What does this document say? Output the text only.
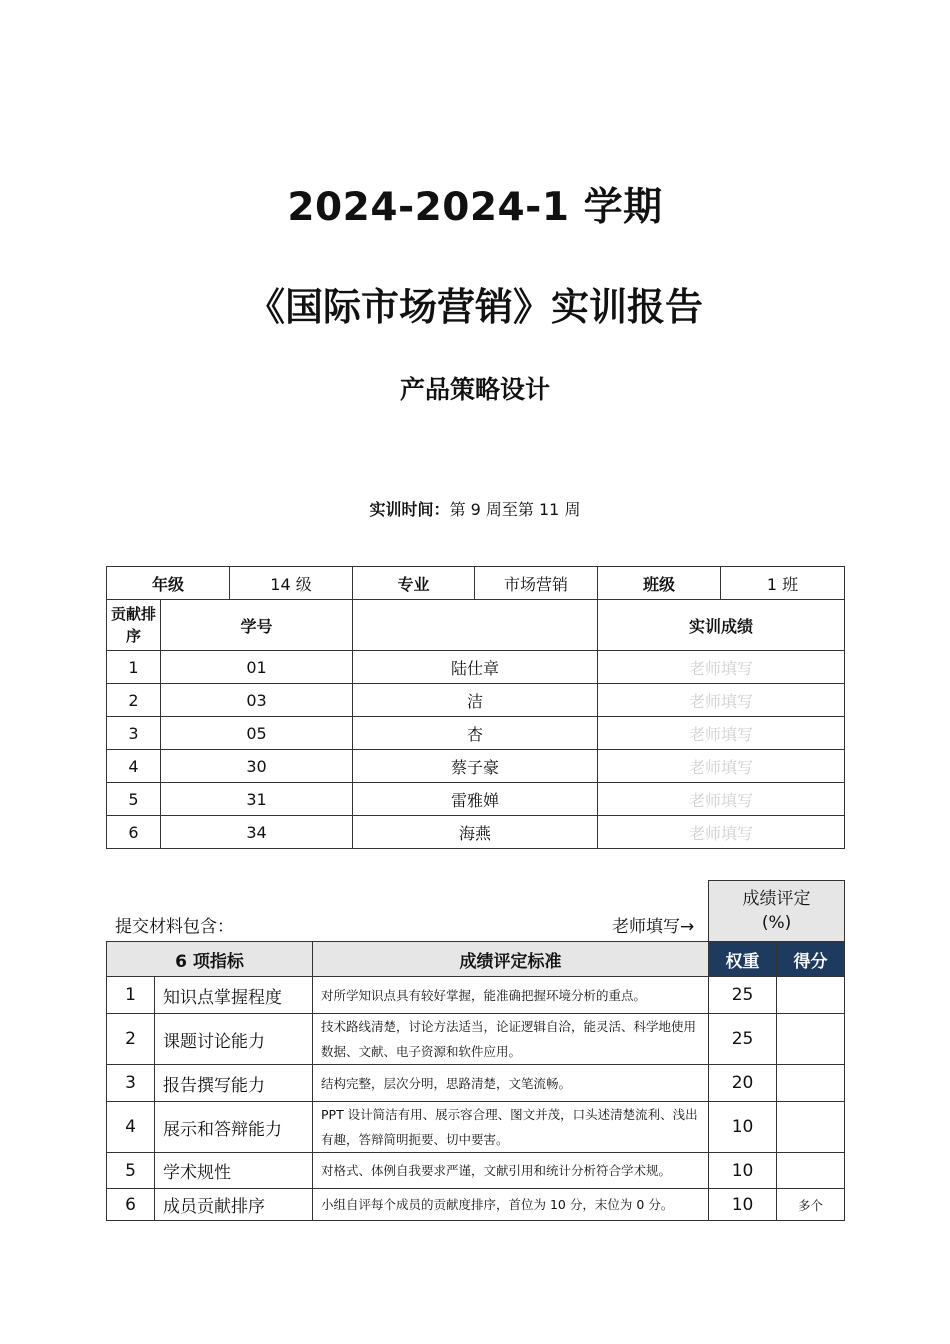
2024-2024-1 学期
《国际市场营销》实训报告
产品策略设计
实训时间：第 9 周至第 11 周
年级		14 级	专业	市场营销	班级	1 班
贡献排序	学号				实训成绩	
1	01		陆仕章		老师填写	
2	03		洁		老师填写	
3	05		杏		老师填写	
4	30		蔡子豪		老师填写	
5	31		雷雅婵		老师填写	
6	34		海燕		老师填写	
提交材料包含：	老师填写→

			成绩评定
(%)	

6 项指标		成绩评定标准	权重	得分
1	知识点掌握程度	对所学知识点具有较好掌握，能准确把握环境分析的重点。	25	
2	课题讨论能力	技术路线清楚，讨论方法适当，论证逻辑自洽，能灵活、科学地使用数据、文献、电子资源和软件应用。	25	
3	报告撰写能力	结构完整，层次分明，思路清楚，文笔流畅。	20	
4	展示和答辩能力	PPT 设计简洁有用、展示容合理、图文并茂，口头述清楚流利、浅出有趣，答辩简明扼要、切中要害。	10	
5	学术规性	对格式、体例自我要求严谨，文献引用和统计分析符合学术规。	10	
6	成员贡献排序	小组自评每个成员的贡献度排序，首位为 10 分，末位为 0 分。	10	多个
